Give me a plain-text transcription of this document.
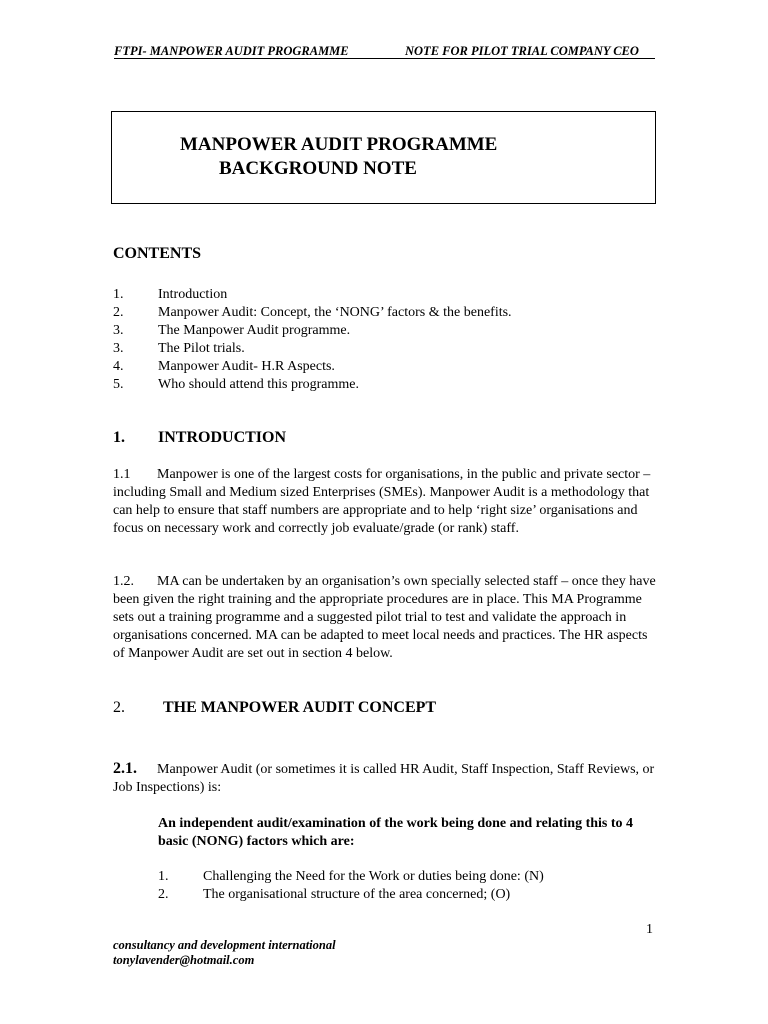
FTPI- MANPOWER AUDIT PROGRAMME	NOTE FOR PILOT TRIAL COMPANY CEO
MANPOWER AUDIT PROGRAMME
BACKGROUND NOTE
CONTENTS
1. Introduction
2. Manpower Audit: Concept, the ‘NONG’ factors & the benefits.
3. The Manpower Audit programme.
3. The Pilot trials.
4. Manpower Audit- H.R Aspects.
5. Who should attend this programme.
1. INTRODUCTION
1.1 Manpower is one of the largest costs for organisations, in the public and private sector –including Small and Medium sized Enterprises (SMEs). Manpower Audit is a methodology that can help to ensure that staff numbers are appropriate and to help ‘right size’ organisations and focus on necessary work and correctly job evaluate/grade (or rank) staff.
1.2. MA can be undertaken by an organisation’s own specially selected staff – once they have been given the right training and the appropriate procedures are in place. This MA Programme sets out a training programme and a suggested pilot trial to test and validate the approach in organisations concerned. MA can be adapted to meet local needs and practices. The HR aspects of Manpower Audit are set out in section 4 below.
2. THE MANPOWER AUDIT CONCEPT
2.1. Manpower Audit (or sometimes it is called HR Audit, Staff Inspection, Staff Reviews, or Job Inspections) is:
An independent audit/examination of the work being done and relating this to 4 basic (NONG) factors which are:
1. Challenging the Need for the Work or duties being done: (N)
2. The organisational structure of the area concerned; (O)
1
consultancy and development international
tonylavender@hotmail.com
